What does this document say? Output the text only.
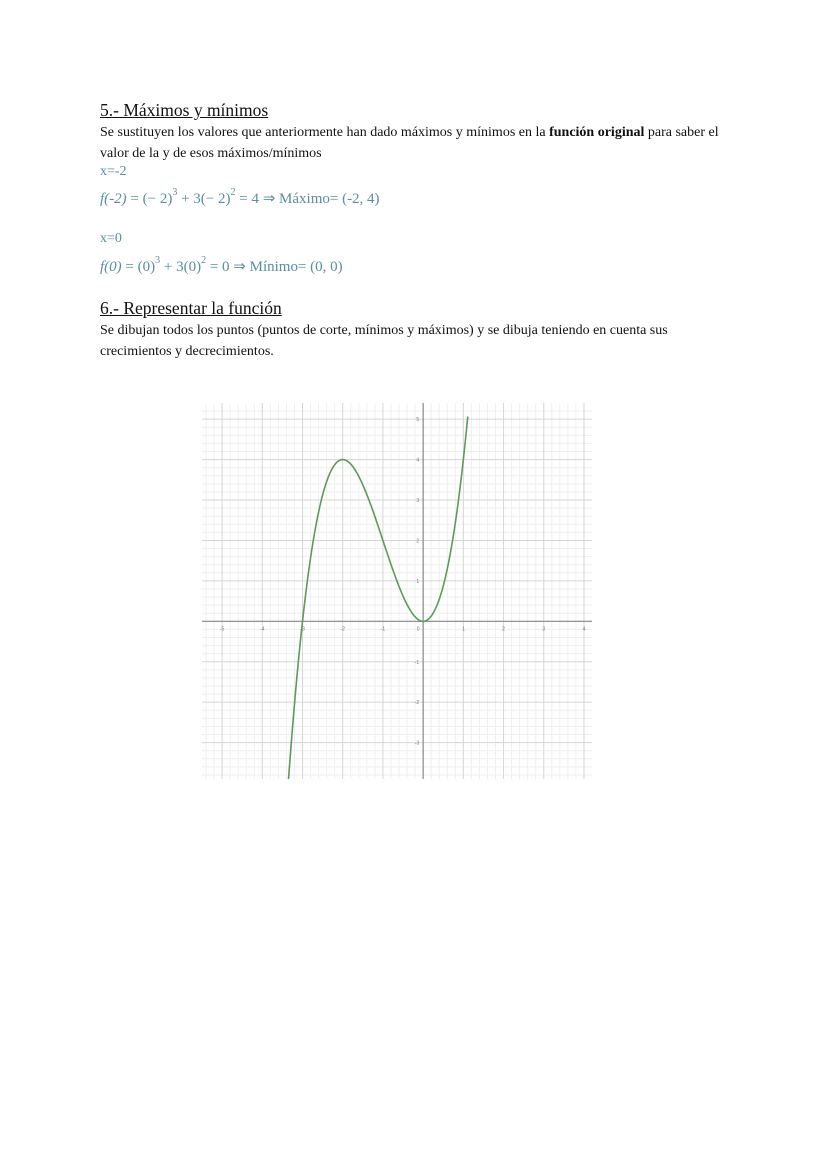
5.- Máximos y mínimos
Se sustituyen los valores que anteriormente han dado máximos y mínimos en la función original para saber el valor de la y de esos máximos/mínimos
x=-2
f(-2) = (− $2)^3 + 3(- 2)^2 = 4$ ⇒ Máximo= (-2, 4)
x=0
$f(0) = (0)^3 + 3(0)^2 = 0$ ⇒ Mínimo= (0, 0)
6.- Representar la función
Se dibujan todos los puntos (puntos de corte, mínimos y máximos) y se dibuja teniendo en cuenta sus crecimientos y decrecimientos.
-5	-4	-3	-2	-1	0	1	2	3	4
-3
-2
-1
1
2
3
4
5
